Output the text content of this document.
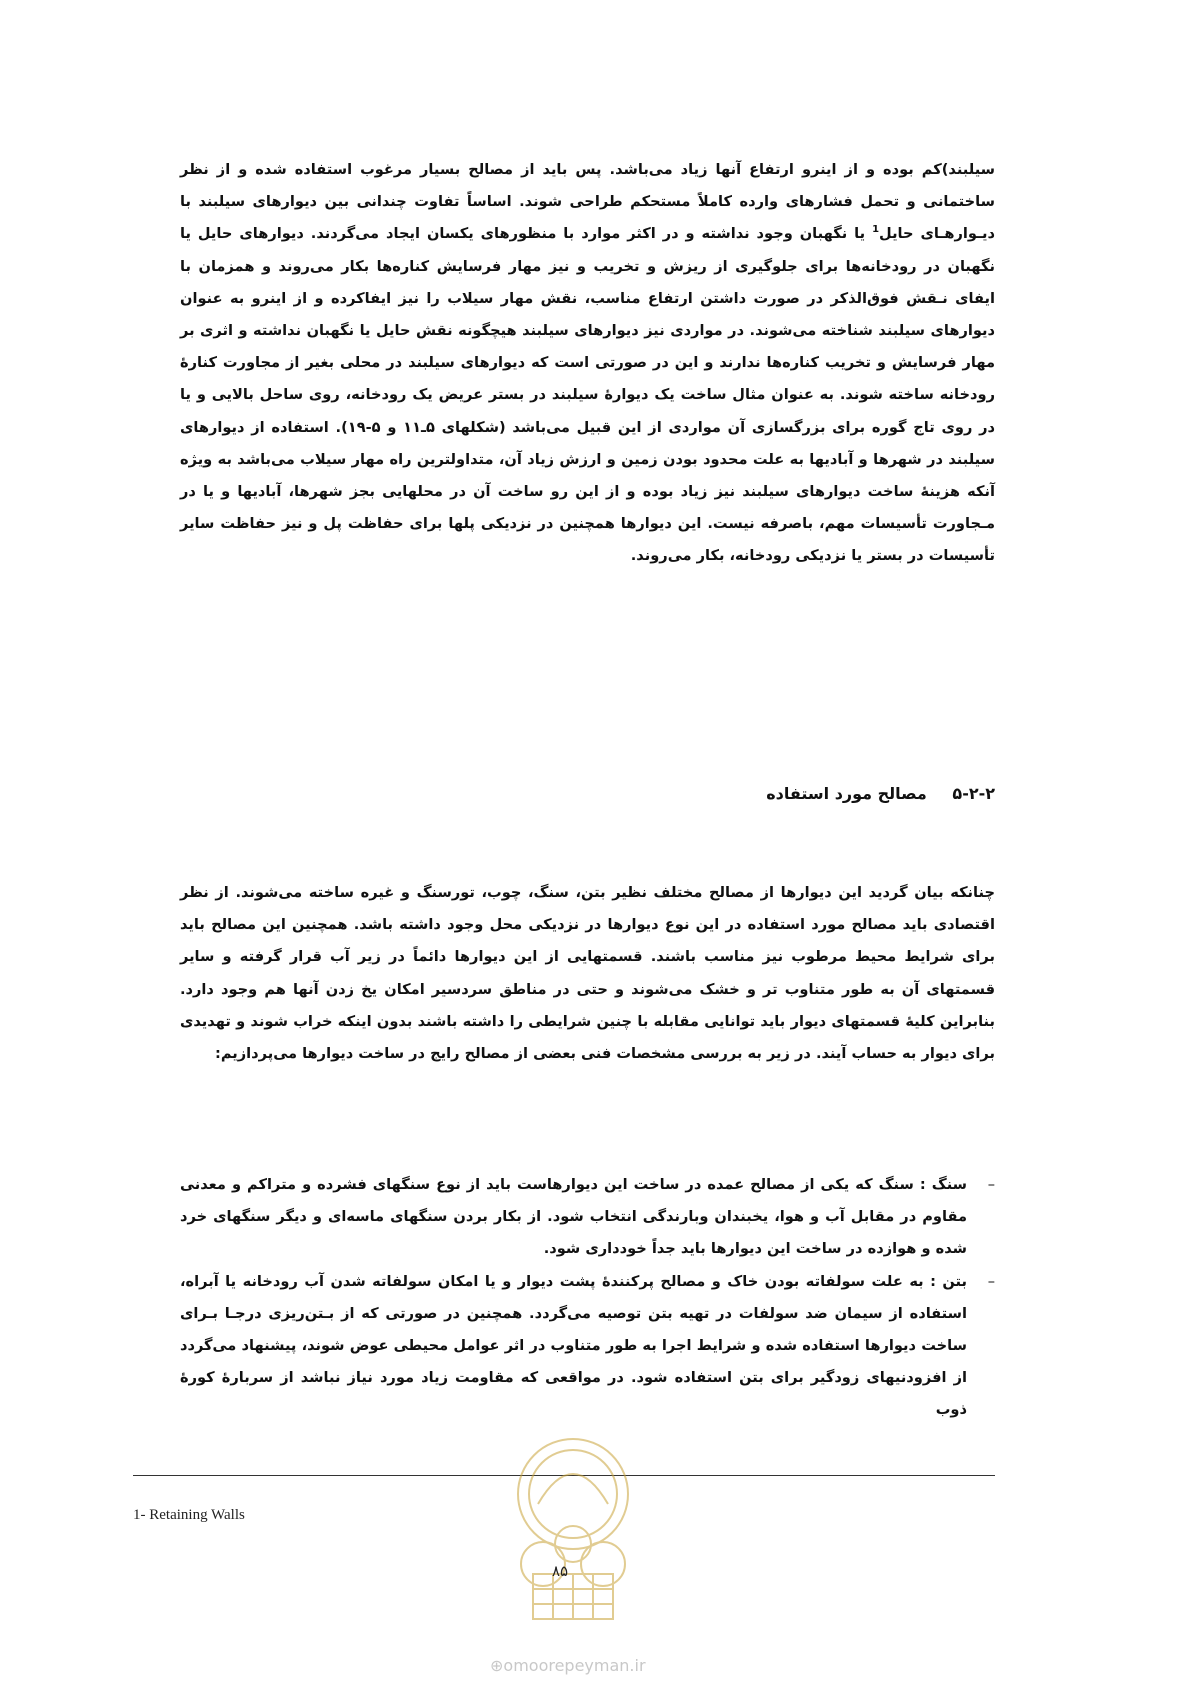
سیلبند)کم بوده و از اینرو ارتفاع آنها زیاد می‌باشد. پس باید از مصالح بسیار مرغوب استفاده شده و از نظر ساختمانی و تحمل فشارهای وارده کاملاً مستحکم طراحی شوند. اساساً تفاوت چندانی بین دیوارهای سیلبند با دیـوارهـای حایل$^1$ یا نگهبان وجود نداشته و در اکثر موارد با منظورهای یکسان ایجاد می‌گردند. دیوارهای حایل یا نگهبان در رودخانه‌ها برای جلوگیری از ریزش و تخریب و نیز مهار فرسایش کناره‌ها بکار می‌روند و همزمان با ایفای نـقش فوق‌الذکر در صورت داشتن ارتفاع مناسب، نقش مهار سیلاب را نیز ایفاکرده و از اینرو به عنوان دیوارهای سیلبند شناخته می‌شوند. در مواردی نیز دیوارهای سیلبند هیچگونه نقش حایل یا نگهبان نداشته و اثری بر مهار فرسایش و تخریب کناره‌ها ندارند و این در صورتی است که دیوارهای سیلبند در محلی بغیر از مجاورت کنارهٔ رودخانه ساخته شوند. به عنوان مثال ساخت یک دیوارهٔ سیلبند در بستر عریض یک رودخانه، روی ساحل بالایی و یا در روی تاج گوره برای بزرگسازی آن مواردی از این قبیل می‌باشد (شکلهای ۵ـ۱۱ و ۵-۱۹). استفاده از دیوارهای سیلبند در شهرها و آبادیها به علت محدود بودن زمین و ارزش زیاد آن، متداولترین راه مهار سیلاب می‌باشد به ویژه آنکه هزینهٔ ساخت دیوارهای سیلبند نیز زیاد بوده و از این رو ساخت آن در محلهایی بجز شهرها، آبادیها و یا در مـجاورت تأسیسات مهم، باصرفه نیست. این دیوارها همچنین در نزدیکی پلها برای حفاظت پل و نیز حفاظت سایر تأسیسات در بستر یا نزدیکی رودخانه، بکار می‌روند.

۵-۲-۲ مصالح مورد استفاده

چنانکه بیان گردید این دیوارها از مصالح مختلف نظیر بتن، سنگ، چوب، تورسنگ و غیره ساخته می‌شوند. از نظر اقتصادی باید مصالح مورد استفاده در این نوع دیوارها در نزدیکی محل وجود داشته باشد. همچنین این مصالح باید برای شرایط محیط مرطوب نیز مناسب باشند. قسمتهایی از این دیوارها دائماً در زیر آب قرار گرفته و سایر قسمتهای آن به طور متناوب تر و خشک می‌شوند و حتی در مناطق سردسیر امکان یخ زدن آنها هم وجود دارد. بنابراین کلیهٔ قسمتهای دیوار باید توانایی مقابله با چنین شرایطی را داشته باشند بدون اینکه خراب شوند و تهدیدی برای دیوار به حساب آیند. در زیر به بررسی مشخصات فنی بعضی از مصالح رایج در ساخت دیوارها می‌پردازیم:

–
سنگ : سنگ که یکی از مصالح عمده در ساخت این دیوارهاست باید از نوع سنگهای فشرده و متراکم و معدنی مقاوم در مقابل آب و هوا، یخبندان وبارندگی انتخاب شود. از بکار بردن سنگهای ماسه‌ای و دیگر سنگهای خرد شده و هوازده در ساخت این دیوارها باید جداً خودداری شود.
–
بتن : به علت سولفاته بودن خاک و مصالح پرکنندهٔ پشت دیوار و یا امکان سولفاته شدن آب رودخانه یا آبراه، استفاده از سیمان ضد سولفات در تهیه بتن توصیه می‌گردد. همچنین در صورتی که از بـتن‌ریزی درجـا بـرای ساخت دیوارها استفاده شده و شرایط اجرا به طور متناوب در اثر عوامل محیطی عوض شوند، پیشنهاد می‌گردد از افزودنیهای زودگیر برای بتن استفاده شود. در مواقعی که مقاومت زیاد مورد نیاز نباشد از سربارهٔ کورهٔ ذوب
1- Retaining Walls
۸۵
⊕omoorepeyman.ir
